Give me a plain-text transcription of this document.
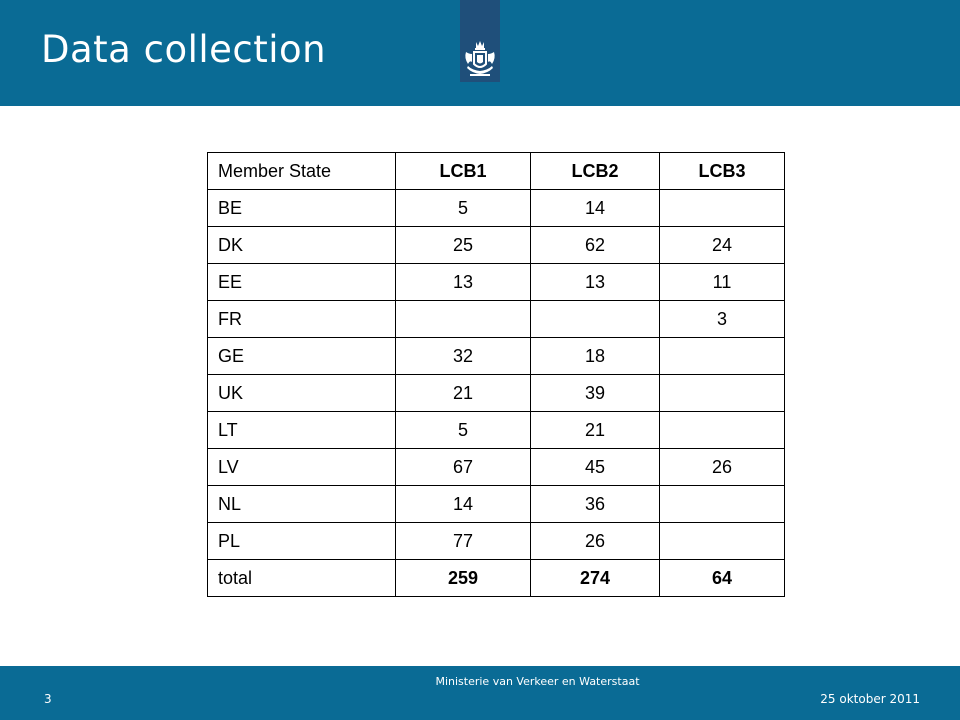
Data collection
Member State	LCB1	LCB2	LCB3
BE	5	14	
DK	25	62	24
EE	13	13	11
FR			3
GE	32	18	
UK	21	39	
LT	5	21	
LV	67	45	26
NL	14	36	
PL	77	26	
total	259	274	64
Ministerie van Verkeer en Waterstaat
3	25 oktober 2011
